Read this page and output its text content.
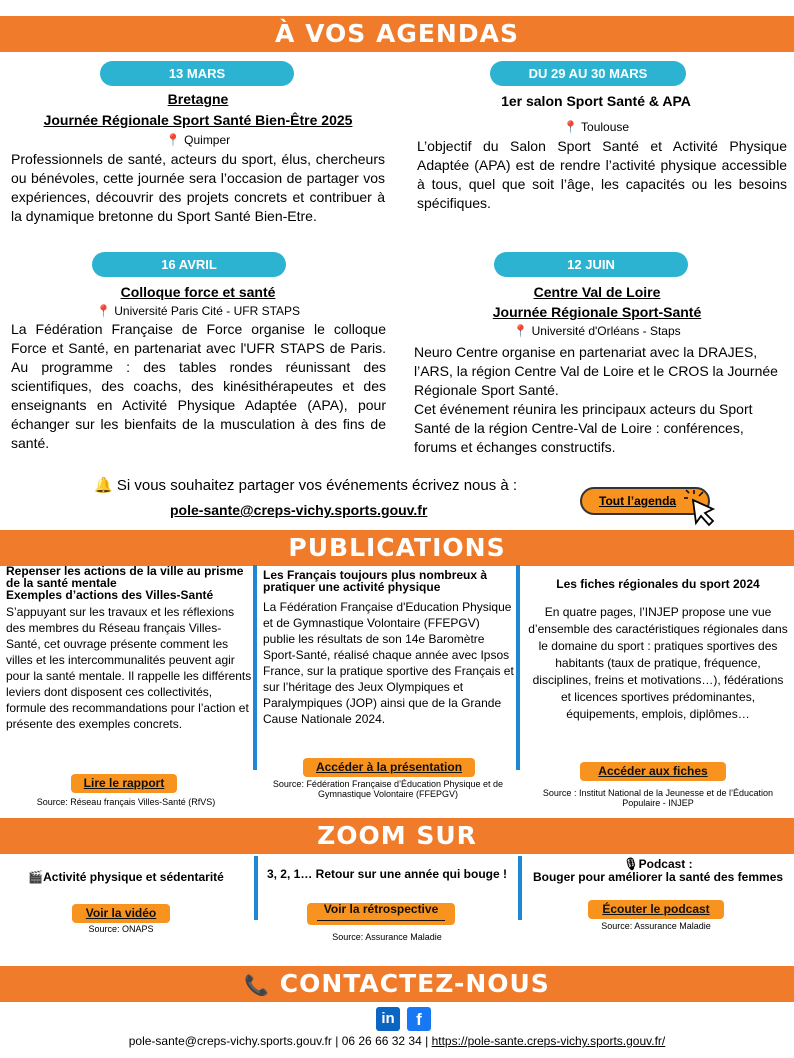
À VOS AGENDAS
13 MARS
Bretagne
Journée Régionale Sport Santé Bien-Être 2025
📍 Quimper
Professionnels de santé, acteurs du sport, élus, chercheurs ou bénévoles, cette journée sera l’occasion de partager vos expériences, découvrir des projets concrets et contribuer à la dynamique bretonne du Sport Santé Bien-Etre.
DU 29 AU 30 MARS
1er salon Sport Santé & APA
📍 Toulouse
L’objectif du Salon Sport Santé et Activité Physique Adaptée (APA) est de rendre l’activité physique accessible à tous, quel que soit l’âge, les capacités ou les besoins spécifiques.
16 AVRIL
Colloque force et santé
📍 Université Paris Cité - UFR STAPS
La Fédération Française de Force organise le colloque Force et Santé, en partenariat avec l'UFR STAPS de Paris. Au programme : des tables rondes réunissant des scientifiques, des coachs, des kinésithérapeutes et des enseignants en Activité Physique Adaptée (APA), pour échanger sur les bienfaits de la musculation à des fins de santé.
12 JUIN
Centre Val de Loire
Journée Régionale Sport-Santé
📍 Université d'Orléans - Staps
Neuro Centre organise en partenariat avec la DRAJES, l’ARS, la région Centre Val de Loire et le CROS la Journée Régionale Sport Santé.
Cet événement réunira les principaux acteurs du Sport Santé de la région Centre-Val de Loire : conférences, forums et échanges constructifs.
🔔 Si vous souhaitez partager vos événements écrivez nous à :
pole-sante@creps-vichy.sports.gouv.fr
Tout l’agenda
PUBLICATIONS
Repenser les actions de la ville au prisme de la santé mentale
Exemples d’actions des Villes-Santé
S’appuyant sur les travaux et les réflexions des membres du Réseau français Villes-Santé, cet ouvrage présente comment les villes et les intercommunalités peuvent agir pour la santé mentale. Il rappelle les différents leviers dont disposent ces collectivités, formule des recommandations pour l’action et présente des exemples concrets.
Lire le rapport
Source: Réseau français Villes-Santé (RfVS)
Les Français toujours plus nombreux à pratiquer une activité physique
La Fédération Française d'Education Physique et de Gymnastique Volontaire (FFEPGV) publie les résultats de son 14e Baromètre Sport-Santé, réalisé chaque année avec Ipsos France, sur la pratique sportive des Français et sur l’héritage des Jeux Olympiques et Paralympiques (JOP) ainsi que de la Grande Cause Nationale 2024.
Accéder à la présentation
Source: Fédération Française d’Éducation Physique et de Gymnastique Volontaire (FFEPGV)
Les fiches régionales du sport 2024
En quatre pages, l’INJEP propose une vue d’ensemble des caractéristiques régionales dans le domaine du sport : pratiques sportives des habitants (taux de pratique, fréquence, disciplines, freins et motivations…), fédérations et licences sportives prédominantes, équipements, emplois, diplômes…
Accéder aux fiches
Source : Institut National de la Jeunesse et de l’Éducation Populaire - INJEP
ZOOM SUR
🎬Activité physique et sédentarité
Voir la vidéo
Source: ONAPS
3, 2, 1… Retour sur une année qui bouge !
Voir la rétrospective
Source: Assurance Maladie
🎙Podcast :
Bouger pour améliorer la santé des femmes
Écouter le podcast
Source: Assurance Maladie
📞 CONTACTEZ-NOUS
in	f
pole-sante@creps-vichy.sports.gouv.fr | 06 26 66 32 34 | https://pole-sante.creps-vichy.sports.gouv.fr/
